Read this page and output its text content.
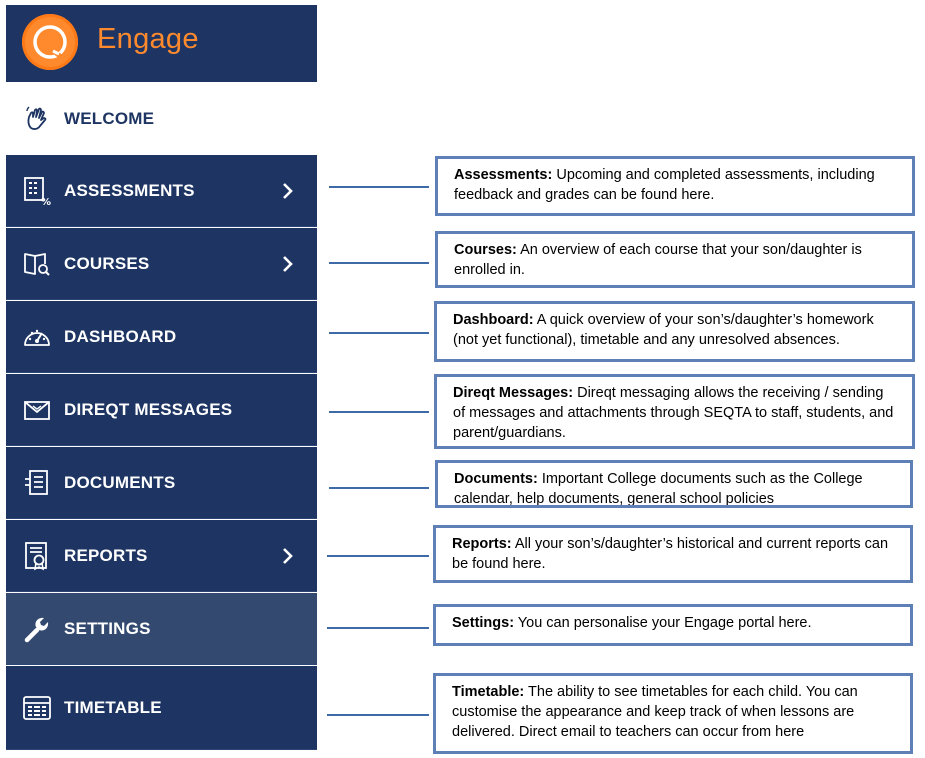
Engage
WELCOME
%
ASSESSMENTS
COURSES
DASHBOARD
DIREQT MESSAGES
DOCUMENTS
REPORTS
SETTINGS
TIMETABLE
Assessments: Upcoming and completed assessments, including feedback and grades can be found here.
Courses: An overview of each course that your son/daughter is enrolled in.
Dashboard: A quick overview of your son’s/daughter’s homework (not yet functional), timetable and any unresolved absences.
Direqt Messages: Direqt messaging allows the receiving / sending of messages and attachments through SEQTA to staff, students, and parent/guardians.
Documents: Important College documents such as the College calendar, help documents, general school policies
Reports: All your son’s/daughter’s historical and current reports can be found here.
Settings: You can personalise your Engage portal here.
Timetable: The ability to see timetables for each child. You can customise the appearance and keep track of when lessons are delivered. Direct email to teachers can occur from here
